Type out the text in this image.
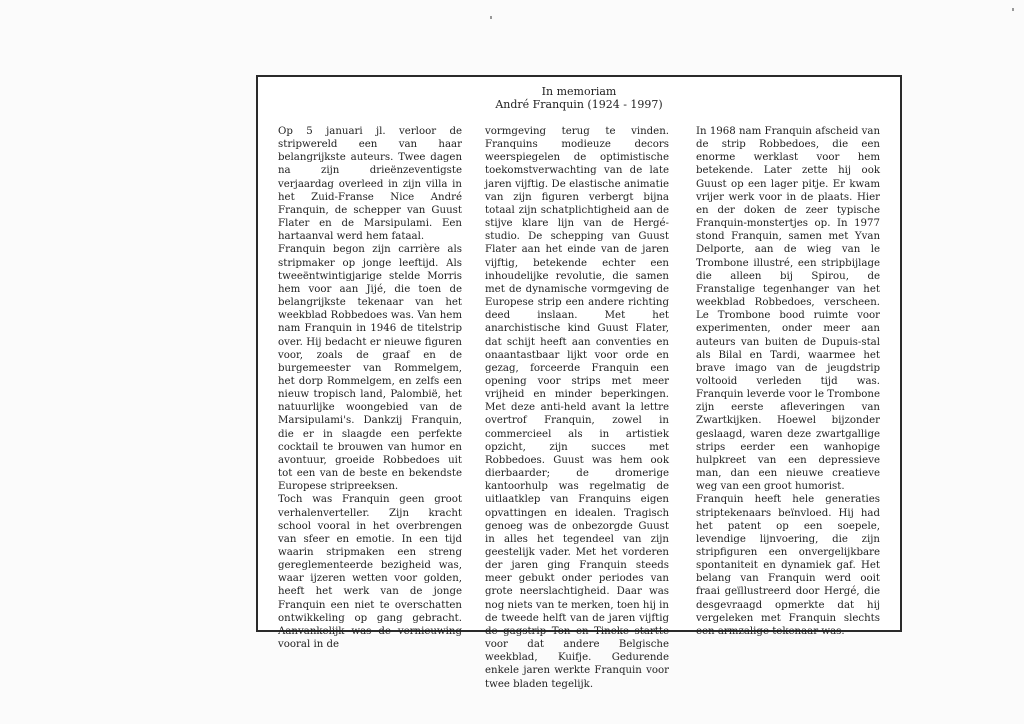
In memoriam
André Franquin (1924 - 1997)

Op 5 januari jl. verloor de stripwereld een van haar belangrijkste auteurs. Twee dagen na zijn drieënzeventigste verjaardag overleed in zijn villa in het Zuid-Franse Nice André Franquin, de schepper van Guust Flater en de Marsipulami. Een hartaanval werd hem fataal.

Franquin begon zijn carrière als stripmaker op jonge leeftijd. Als tweeëntwintigjarige stelde Morris hem voor aan Jijé, die toen de belangrijkste tekenaar van het weekblad Robbedoes was. Van hem nam Franquin in 1946 de titelstrip over. Hij bedacht er nieuwe figuren voor, zoals de graaf en de burgemeester van Rommelgem, het dorp Rommelgem, en zelfs een nieuw tropisch land, Palombië, het natuurlijke woongebied van de Marsipulami's. Dankzij Franquin, die er in slaagde een perfekte cocktail te brouwen van humor en avontuur, groeide Robbedoes uit tot een van de beste en bekendste Europese stripreeksen.

Toch was Franquin geen groot verhalenverteller. Zijn kracht school vooral in het overbrengen van sfeer en emotie. In een tijd waarin stripmaken een streng gereglementeerde bezigheid was, waar ijzeren wetten voor golden, heeft het werk van de jonge Franquin een niet te overschatten ontwikkeling op gang gebracht. Aanvankelijk was de vernieuwing vooral in de

vormgeving terug te vinden. Franquins modieuze decors weerspiegelen de optimistische toekomstverwachting van de late jaren vijftig. De elastische animatie van zijn figuren verbergt bijna totaal zijn schatplichtigheid aan de stijve klare lijn van de Hergé-studio. De schepping van Guust Flater aan het einde van de jaren vijftig, betekende echter een inhoudelijke revolutie, die samen met de dynamische vormgeving de Europese strip een andere richting deed inslaan. Met het anarchistische kind Guust Flater, dat schijt heeft aan conventies en onaantastbaar lijkt voor orde en gezag, forceerde Franquin een opening voor strips met meer vrijheid en minder beperkingen. Met deze anti-held avant la lettre overtrof Franquin, zowel in commercieel als in artistiek opzicht, zijn succes met Robbedoes. Guust was hem ook dierbaarder; de dromerige kantoorhulp was regelmatig de uitlaatklep van Franquins eigen opvattingen en idealen. Tragisch genoeg was de onbezorgde Guust in alles het tegendeel van zijn geestelijk vader. Met het vorderen der jaren ging Franquin steeds meer gebukt onder periodes van grote neerslachtigheid. Daar was nog niets van te merken, toen hij in de tweede helft van de jaren vijftig de gagstrip Ton en Tineke startte voor dat andere Belgische weekblad, Kuifje. Gedurende enkele jaren werkte Franquin voor twee bladen tegelijk.

In 1968 nam Franquin afscheid van de strip Robbedoes, die een enorme werklast voor hem betekende. Later zette hij ook Guust op een lager pitje. Er kwam vrijer werk voor in de plaats. Hier en der doken de zeer typische Franquin-monstertjes op. In 1977 stond Franquin, samen met Yvan Delporte, aan de wieg van le Trombone illustré, een stripbijlage die alleen bij Spirou, de Franstalige tegenhanger van het weekblad Robbedoes, verscheen. Le Trombone bood ruimte voor experimenten, onder meer aan auteurs van buiten de Dupuis-stal als Bilal en Tardi, waarmee het brave imago van de jeugdstrip voltooid verleden tijd was. Franquin leverde voor le Trombone zijn eerste afleveringen van Zwartkijken. Hoewel bijzonder geslaagd, waren deze zwartgallige strips eerder een wanhopige hulpkreet van een depressieve man, dan een nieuwe creatieve weg van een groot humorist.

Franquin heeft hele generaties striptekenaars beïnvloed. Hij had het patent op een soepele, levendige lijnvoering, die zijn stripfiguren een onvergelijkbare spontaniteit en dynamiek gaf. Het belang van Franquin werd ooit fraai geïllustreerd door Hergé, die desgevraagd opmerkte dat hij vergeleken met Franquin slechts een armzalige tekenaar was.
